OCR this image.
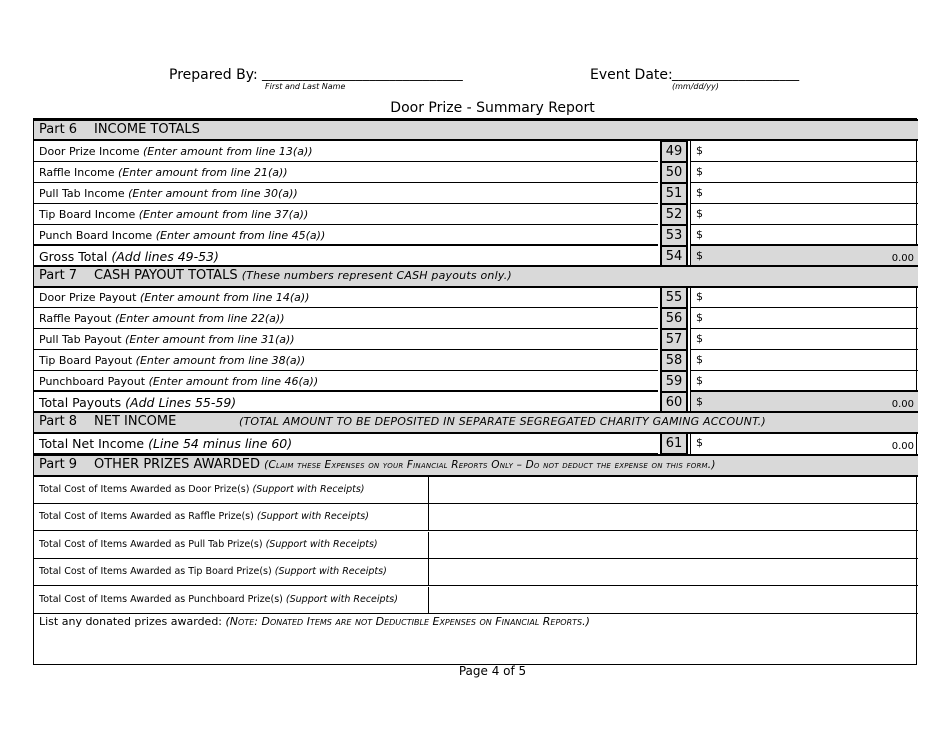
Prepared By: ______________________________
First and Last Name
Event Date: ___________________
(mm/dd/yy)
Door Prize - Summary Report
Part 6 INCOME TOTALS
Door Prize Income (Enter amount from line 13(a))	49	$
Raffle Income (Enter amount from line 21(a))	50	$
Pull Tab Income (Enter amount from line 30(a))	51	$
Tip Board Income (Enter amount from line 37(a))	52	$
Punch Board Income (Enter amount from line 45(a))	53	$
Gross Total (Add lines 49-53)	54	$	0.00
Part 7 CASH PAYOUT TOTALS (These numbers represent CASH payouts only.)
Door Prize Payout (Enter amount from line 14(a))	55	$
Raffle Payout (Enter amount from line 22(a))	56	$
Pull Tab Payout (Enter amount from line 31(a))	57	$
Tip Board Payout (Enter amount from line 38(a))	58	$
Punchboard Payout (Enter amount from line 46(a))	59	$
Total Payouts (Add Lines 55-59)	60	$	0.00
Part 8 NET INCOME	(TOTAL AMOUNT TO BE DEPOSITED IN SEPARATE SEGREGATED CHARITY GAMING ACCOUNT.)
Total Net Income (Line 54 minus line 60)	61	$	0.00
Part 9 OTHER PRIZES AWARDED (Claim these Expenses on your Financial Reports Only – Do not deduct the expense on this form.)
Total Cost of Items Awarded as Door Prize(s) (Support with Receipts)
Total Cost of Items Awarded as Raffle Prize(s) (Support with Receipts)
Total Cost of Items Awarded as Pull Tab Prize(s) (Support with Receipts)
Total Cost of Items Awarded as Tip Board Prize(s) (Support with Receipts)
Total Cost of Items Awarded as Punchboard Prize(s) (Support with Receipts)
List any donated prizes awarded: (Note: Donated Items are not Deductible Expenses on Financial Reports.)
Page 4 of 5
